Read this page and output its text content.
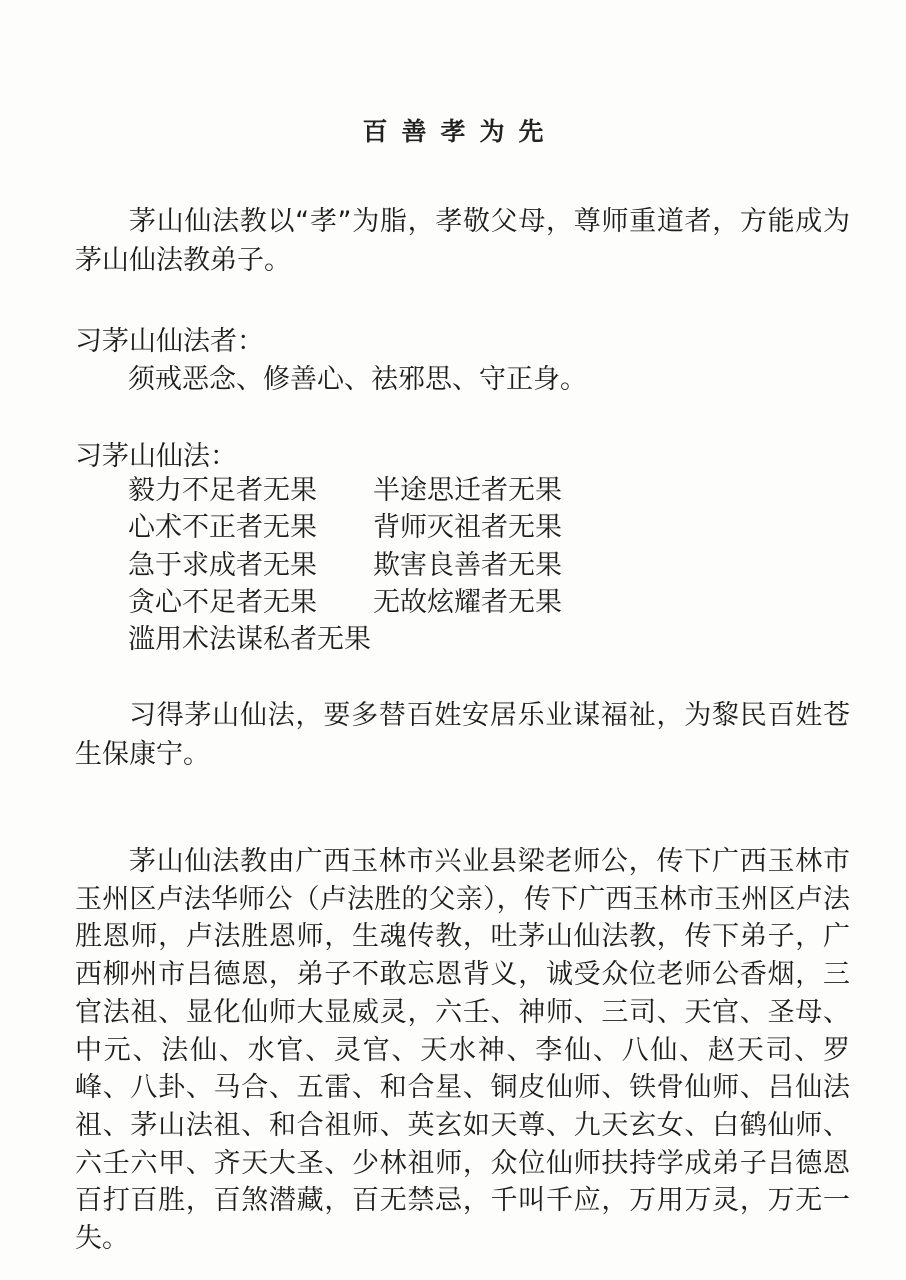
百善孝为先

茅山仙法教以“孝”为脂，孝敬父母，尊师重道者，方能成为茅山仙法教弟子。

习茅山仙法者：
须戒恶念、修善心、祛邪思、守正身。
习茅山仙法：
毅力不足者无果 半途思迁者无果
心术不正者无果 背师灭祖者无果
急于求成者无果 欺害良善者无果
贪心不足者无果 无故炫耀者无果
滥用术法谋私者无果

习得茅山仙法，要多替百姓安居乐业谋福祉，为黎民百姓苍生保康宁。

茅山仙法教由广西玉林市兴业县梁老师公，传下广西玉林市玉州区卢法华师公（卢法胜的父亲），传下广西玉林市玉州区卢法胜恩师，卢法胜恩师，生魂传教，吐茅山仙法教，传下弟子，广西柳州市吕德恩，弟子不敢忘恩背义，诚受众位老师公香烟，三官法祖、显化仙师大显威灵，六壬、神师、三司、天官、圣母、中元、法仙、水官、灵官、天水神、李仙、八仙、赵天司、罗峰、八卦、马合、五雷、和合星、铜皮仙师、铁骨仙师、吕仙法祖、茅山法祖、和合祖师、英玄如天尊、九天玄女、白鹤仙师、六壬六甲、齐天大圣、少林祖师，众位仙师扶持学成弟子吕德恩百打百胜，百煞潜藏，百无禁忌，千叫千应，万用万灵，万无一失。
